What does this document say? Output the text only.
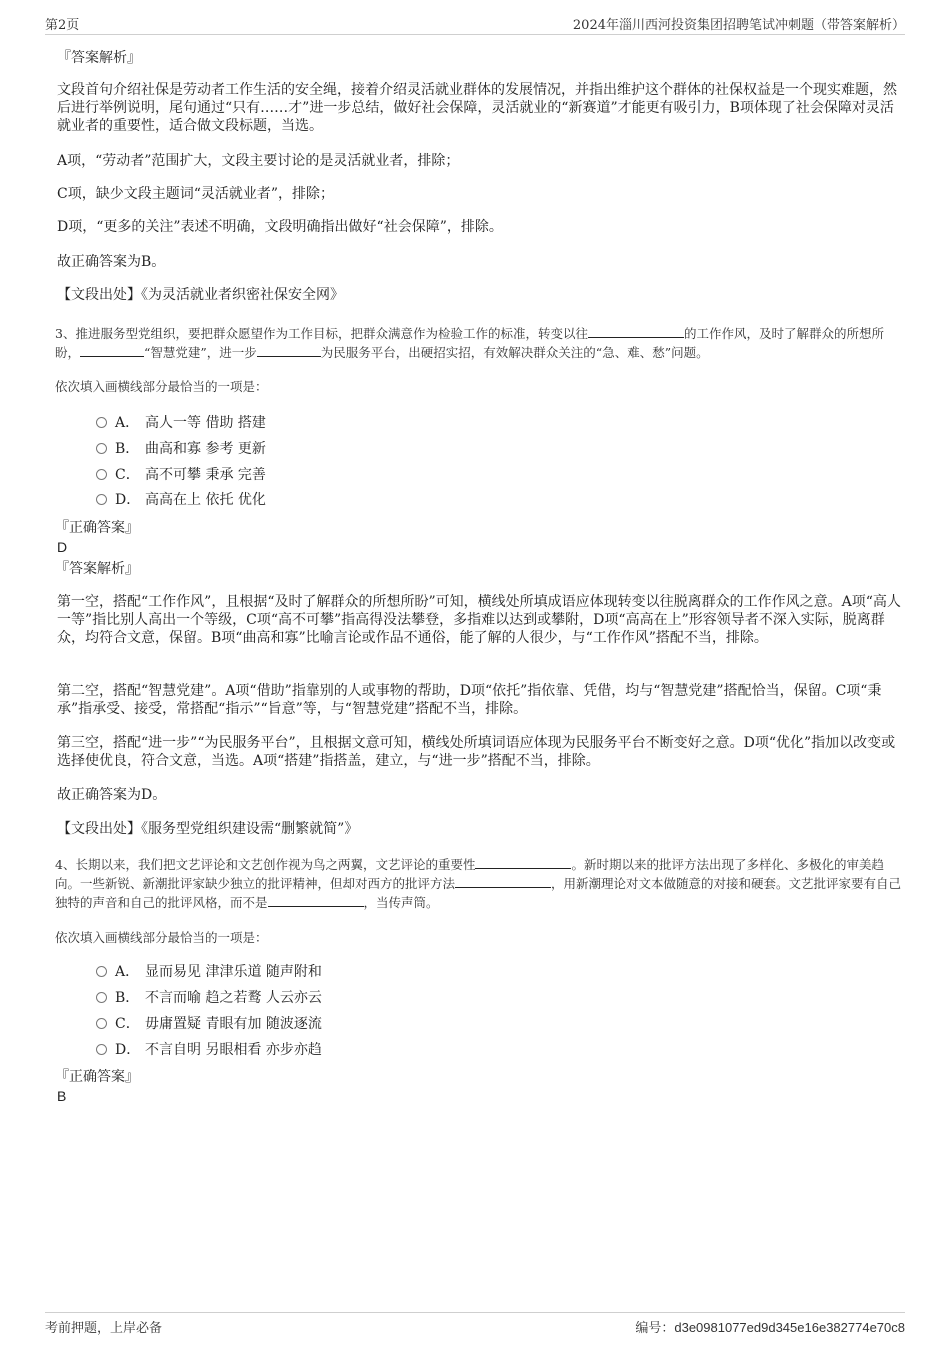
第2页	2024年淄川西河投资集团招聘笔试冲刺题（带答案解析）

『答案解析』

文段首句介绍社保是劳动者工作生活的安全绳，接着介绍灵活就业群体的发展情况，并指出维护这个群体的社保权益是一个现实难题，然后进行举例说明，尾句通过“只有……才”进一步总结，做好社会保障，灵活就业的“新赛道”才能更有吸引力，B项体现了社会保障对灵活就业者的重要性，适合做文段标题，当选。

A项，“劳动者”范围扩大，文段主要讨论的是灵活就业者，排除；

C项，缺少文段主题词“灵活就业者”，排除；

D项，“更多的关注”表述不明确，文段明确指出做好“社会保障”，排除。

故正确答案为B。

【文段出处】《为灵活就业者织密社保安全网》

3、推进服务型党组织，要把群众愿望作为工作目标，把群众满意作为检验工作的标准，转变以往	的工作作风，及时了解群众的所想所盼，	“智慧党建”，进一步	为民服务平台，出硬招实招，有效解决群众关注的“急、难、愁”问题。

依次填入画横线部分最恰当的一项是：

A． 高人一等 借助 搭建
B． 曲高和寡 参考 更新
C． 高不可攀 秉承 完善
D． 高高在上 依托 优化

『正确答案』

D

『答案解析』

第一空，搭配“工作作风”，且根据“及时了解群众的所想所盼”可知，横线处所填成语应体现转变以往脱离群众的工作作风之意。A项“高人一等”指比别人高出一个等级，C项“高不可攀”指高得没法攀登，多指难以达到或攀附，D项“高高在上”形容领导者不深入实际，脱离群众，均符合文意，保留。B项“曲高和寡”比喻言论或作品不通俗，能了解的人很少，与“工作作风”搭配不当，排除。

第二空，搭配“智慧党建”。A项“借助”指靠别的人或事物的帮助，D项“依托”指依靠、凭借，均与“智慧党建”搭配恰当，保留。C项“秉承”指承受、接受，常搭配“指示”“旨意”等，与“智慧党建”搭配不当，排除。

第三空，搭配“进一步”“为民服务平台”，且根据文意可知，横线处所填词语应体现为民服务平台不断变好之意。D项“优化”指加以改变或选择使优良，符合文意，当选。A项“搭建”指搭盖，建立，与“进一步”搭配不当，排除。

故正确答案为D。

【文段出处】《服务型党组织建设需“删繁就简”》

4、长期以来，我们把文艺评论和文艺创作视为鸟之两翼，文艺评论的重要性	。新时期以来的批评方法出现了多样化、多极化的审美趋向。一些新锐、新潮批评家缺少独立的批评精神，但却对西方的批评方法	，用新潮理论对文本做随意的对接和硬套。文艺批评家要有自己独特的声音和自己的批评风格，而不是	，当传声筒。

依次填入画横线部分最恰当的一项是：

A． 显而易见 津津乐道 随声附和
B． 不言而喻 趋之若鹜 人云亦云
C． 毋庸置疑 青眼有加 随波逐流
D． 不言自明 另眼相看 亦步亦趋

『正确答案』

B

考前押题，上岸必备	编号：d3e0981077ed9d345e16e382774e70c8
